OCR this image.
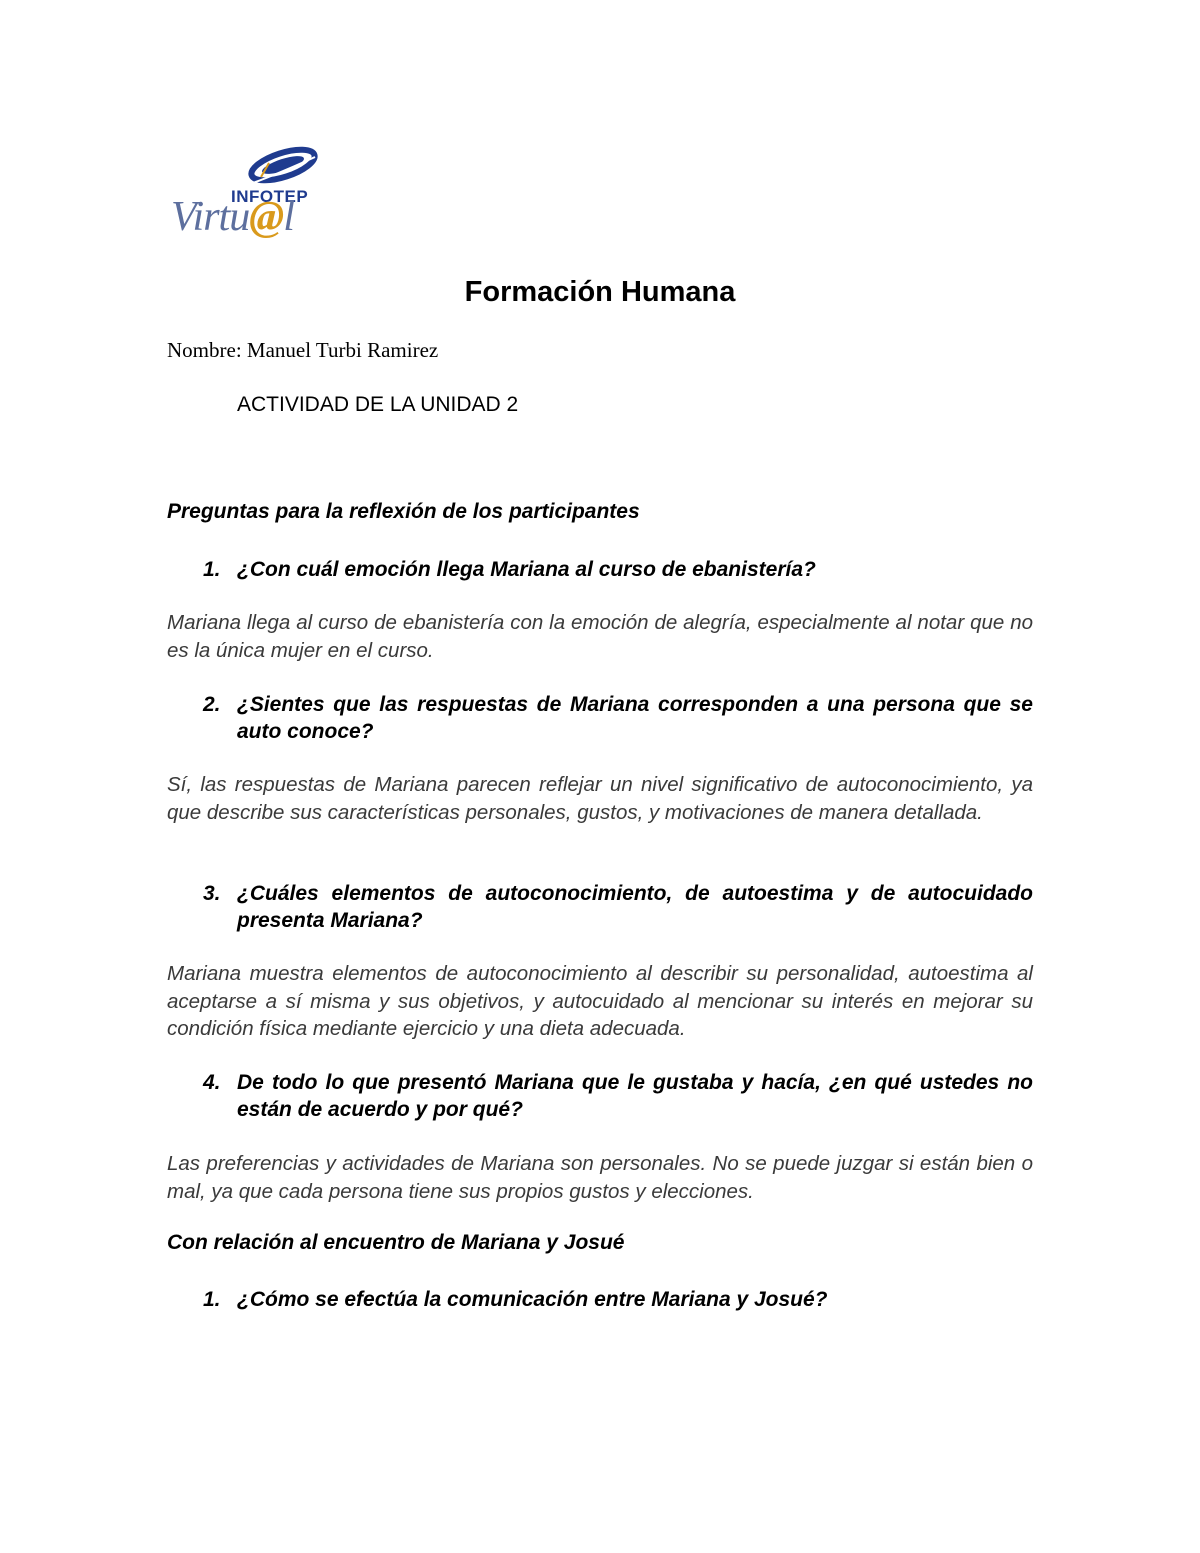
INFOTEP
Virtu@l
Formación Humana
Nombre: Manuel Turbi Ramirez
ACTIVIDAD DE LA UNIDAD 2
Preguntas para la reflexión de los participantes
1. ¿Con cuál emoción llega Mariana al curso de ebanistería?
Mariana llega al curso de ebanistería con la emoción de alegría, especialmente al notar que no es la única mujer en el curso.
2. ¿Sientes que las respuestas de Mariana corresponden a una persona que se auto conoce?
Sí, las respuestas de Mariana parecen reflejar un nivel significativo de autoconocimiento, ya que describe sus características personales, gustos, y motivaciones de manera detallada.
3. ¿Cuáles elementos de autoconocimiento, de autoestima y de autocuidado presenta Mariana?
Mariana muestra elementos de autoconocimiento al describir su personalidad, autoestima al aceptarse a sí misma y sus objetivos, y autocuidado al mencionar su interés en mejorar su condición física mediante ejercicio y una dieta adecuada.
4. De todo lo que presentó Mariana que le gustaba y hacía, ¿en qué ustedes no están de acuerdo y por qué?
Las preferencias y actividades de Mariana son personales. No se puede juzgar si están bien o mal, ya que cada persona tiene sus propios gustos y elecciones.
Con relación al encuentro de Mariana y Josué
1. ¿Cómo se efectúa la comunicación entre Mariana y Josué?
